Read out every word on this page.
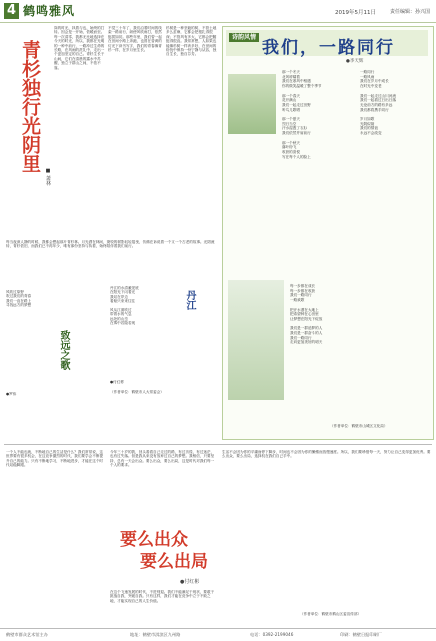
4 鹤鸣雅风	2019年5月11日	责任编辑：孙兴国
青杉独行光阴里
■ 萧林
岗的时光，执着与也，始终的打转。因会是一开始，依暖而至。每一次清零，我都无比地选择在今天的时光，所以，我都在光明的一种中前行，一路冲过生命的长路，在风雨的洗礼中，走出一个更加坚定的自己。青杉生长于山间，它们在清晨的露水中苏醒，独立于群山之间，不依不靠。
不觉三十年了，我们沿着时间的线索一路前行，纵使风吹雨打，依然挺拔如初。那些年里，我们曾一起在田间小路上奔跑，也曾在昏黄的灯光下读书写字，我们的青春像青杉一样，在岁月里生长。
杉树是一种坚毅的树，不管土地多么贫瘠，它都会把根扎得很深；不管风有多大，它都会把腰挺得很直。我常常想，人如果也能像杉树一样该多好，在世间的纷扰中保持一份宁静与从容，独自生长，独自芬芳。
每当夜深人静的时候，我都会想起那片青杉林。月光洒在林间，斑驳的树影轻轻摇曳，仿佛在诉说着一个又一个古老的故事。光阴流转，青杉依旧，而我们已不再年少，唯有那份坚持与执着，始终陪伴着我们前行。
丹江
丹江的水清澈见底
在阳光下闪着光
我站在岸边
看船只来来往往

风从江面吹过
带着水的气息
远处的山峦
在雾中若隐若现
●付红彬
（作者单位：鹤壁市人大常委会）
致远之歌
风吹过原野
吹过我们的青春
我们一直在路上
寻找远方的梦想
●罗伟
诗韵风情
我们，一路同行
●李天辉
那一个冬天
北风呼啸着
我们在寒风中相遇
你的微笑温暖了整个季节

那一个春天
花开满山
我们一起走过田野
听鸟儿歌唱

那一个夏天
烈日当空
汗水湿透了衣衫
我们依然并肩前行

那一个秋天
落叶纷飞
收获的喜悦
写在每个人的脸上
一路同行
一路风雨
我们在岁月中成长
在时光中变老

我们一起走过山川河流
我们一起看过日出日落
无论前方的路有多远
我们都将携手同行

岁月如歌
光阴似箭
我们的情谊
永远不会改变
每一步都在成长
每一步都在收获
我们一路同行
一路欢歌

把汗水洒在大地上
把希望种在心田里
让梦想在阳光下绽放

我们是一群追梦的人
我们是一群奋斗的人
我们一路同行
走向更加美好的明天
（作者单位：鹤壁市山城区文化局）
一个人不能也就，不断地自己的生活是什么？我们常常说，这世界要有很多机会，在这竞争激烈的时代，我们要学会不断提升自己的能力。只有不断地学习，不断地进步，才能在这个时代站稳脚跟。
今年三十岁的我，回头看看自己走过的路，有过彷徨，有过迷茫，也有过失落。但是我从来没有放弃过自己的梦想。我相信，只要坚持，总有一天会出众。要么出众，要么出局，这是时代对我们每一个人的要求。
要么出众
要么出局
●付红彬
在这个飞速发展的时代，不进则退。我们不能满足于现状，要敢于挑战自我，突破自我。只有这样，我们才能在竞争中立于不败之地，才能实现自己的人生价值。
生活不会因为你的平庸而停下脚步，时间也不会因为你的懒惰而放慢速度。所以，我们要珍惜每一天，努力让自己变得更加优秀。要么出众，要么出局，选择权在我们自己手中。
（作者单位：鹤壁市鹤山区委宣传部）
鹤壁市群众艺术馆主办	地址：鹤壁市淇滨区九州路	电话：0392-2199046	印刷：鹤壁日报印刷厂
